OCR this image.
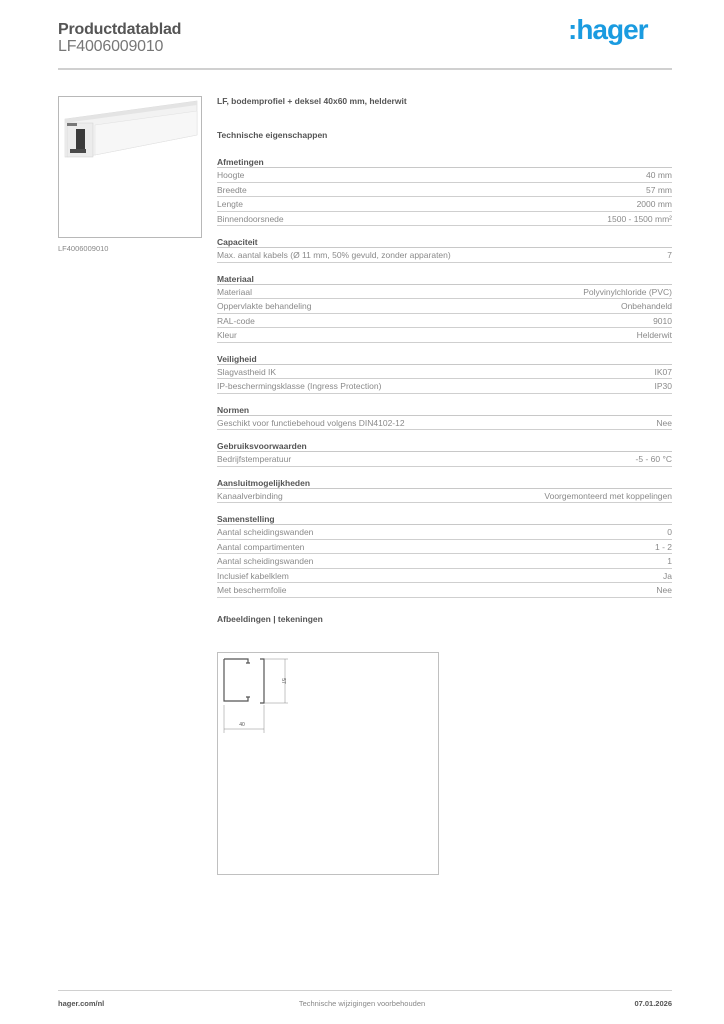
Productdatablad
LF4006009010
:hager
LF4006009010
LF, bodemprofiel + deksel 40x60 mm, helderwit
Technische eigenschappen
Afmetingen
Hoogte	40 mm
Breedte	57 mm
Lengte	2000 mm
Binnendoorsnede	1500 - 1500 mm²
Capaciteit
Max. aantal kabels (Ø 11 mm, 50% gevuld, zonder apparaten)	7
Materiaal
Materiaal	Polyvinylchloride (PVC)
Oppervlakte behandeling	Onbehandeld
RAL-code	9010
Kleur	Helderwit
Veiligheid
Slagvastheid IK	IK07
IP-beschermingsklasse (Ingress Protection)	IP30
Normen
Geschikt voor functiebehoud volgens DIN4102-12	Nee
Gebruiksvoorwaarden
Bedrijfstemperatuur	-5 - 60 °C
Aansluitmogelijkheden
Kanaalverbinding	Voorgemonteerd met koppelingen
Samenstelling
Aantal scheidingswanden	0
Aantal compartimenten	1 - 2
Aantal scheidingswanden	1
Inclusief kabelklem	Ja
Met beschermfolie	Nee
Afbeeldingen | tekeningen
40
57
hager.com/nl	Technische wijzigingen voorbehouden	07.01.2026
